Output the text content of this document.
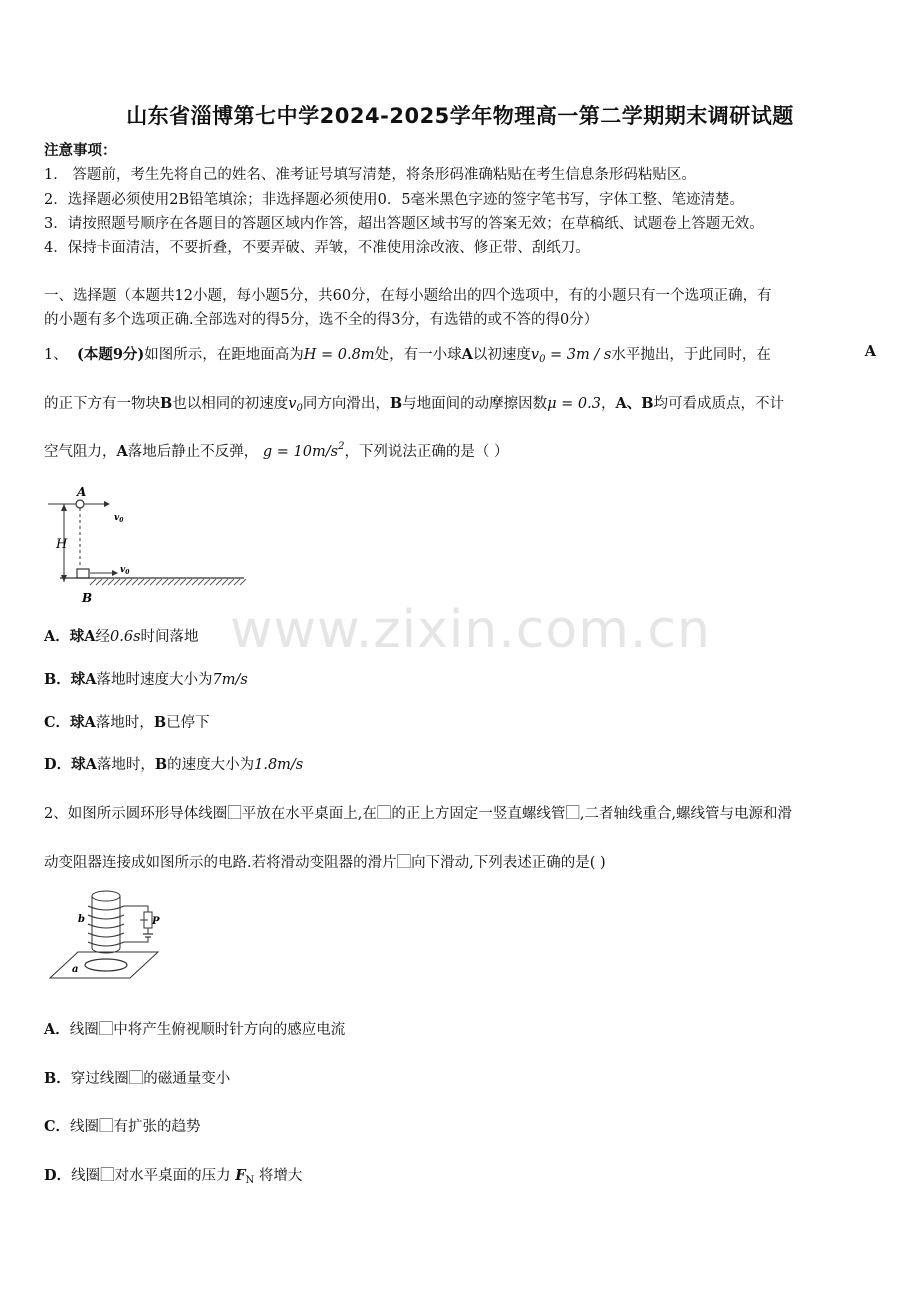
山东省淄博第七中学2024-2025学年物理高一第二学期期末调研试题
注意事项：
1． 答题前，考生先将自己的姓名、准考证号填写清楚，将条形码准确粘贴在考生信息条形码粘贴区。
2．选择题必须使用2B铅笔填涂；非选择题必须使用0．5毫米黑色字迹的签字笔书写，字体工整、笔迹清楚。
3．请按照题号顺序在各题目的答题区域内作答，超出答题区域书写的答案无效；在草稿纸、试题卷上答题无效。
4．保持卡面清洁，不要折叠，不要弄破、弄皱，不准使用涂改液、修正带、刮纸刀。
一、选择题（本题共12小题，每小题5分，共60分，在每小题给出的四个选项中，有的小题只有一个选项正确，有
的小题有多个选项正确.全部选对的得5分，选不全的得3分，有选错的或不答的得0分）
1、 (本题9分)如图所示，在距地面高为H = 0.8m处，有一小球A以初速度$v_0 = 3m / s$水平抛出，于此同时，在	A
的正下方有一物块B也以相同的初速度$v_0$同方向滑出，B与地面间的动摩擦因数μ = 0.3，A、B均可看成质点，不计
空气阻力，A落地后静止不反弹， $g = 10m/s^2$，下列说法正确的是（ ）
H
A
$v_0$
$v_0$
B
A．球A经0.6s时间落地
B．球A落地时速度大小为7m/s
C．球A落地时，B已停下
D．球A落地时，B的速度大小为1.8m/s
2、如图所示圆环形导体线圈⃞平放在水平桌面上,在⃞的正上方固定一竖直螺线管⃞,二者轴线重合,螺线管与电源和滑
动变阻器连接成如图所示的电路.若将滑动变阻器的滑片⃞向下滑动,下列表述正确的是( )
a
b	P
A．线圈⃞中将产生俯视顺时针方向的感应电流
B．穿过线圈⃞的磁通量变小
C．线圈⃞有扩张的趋势
D．线圈⃞对水平桌面的压力 $F_N$ 将增大
www.zixin.com.cn
